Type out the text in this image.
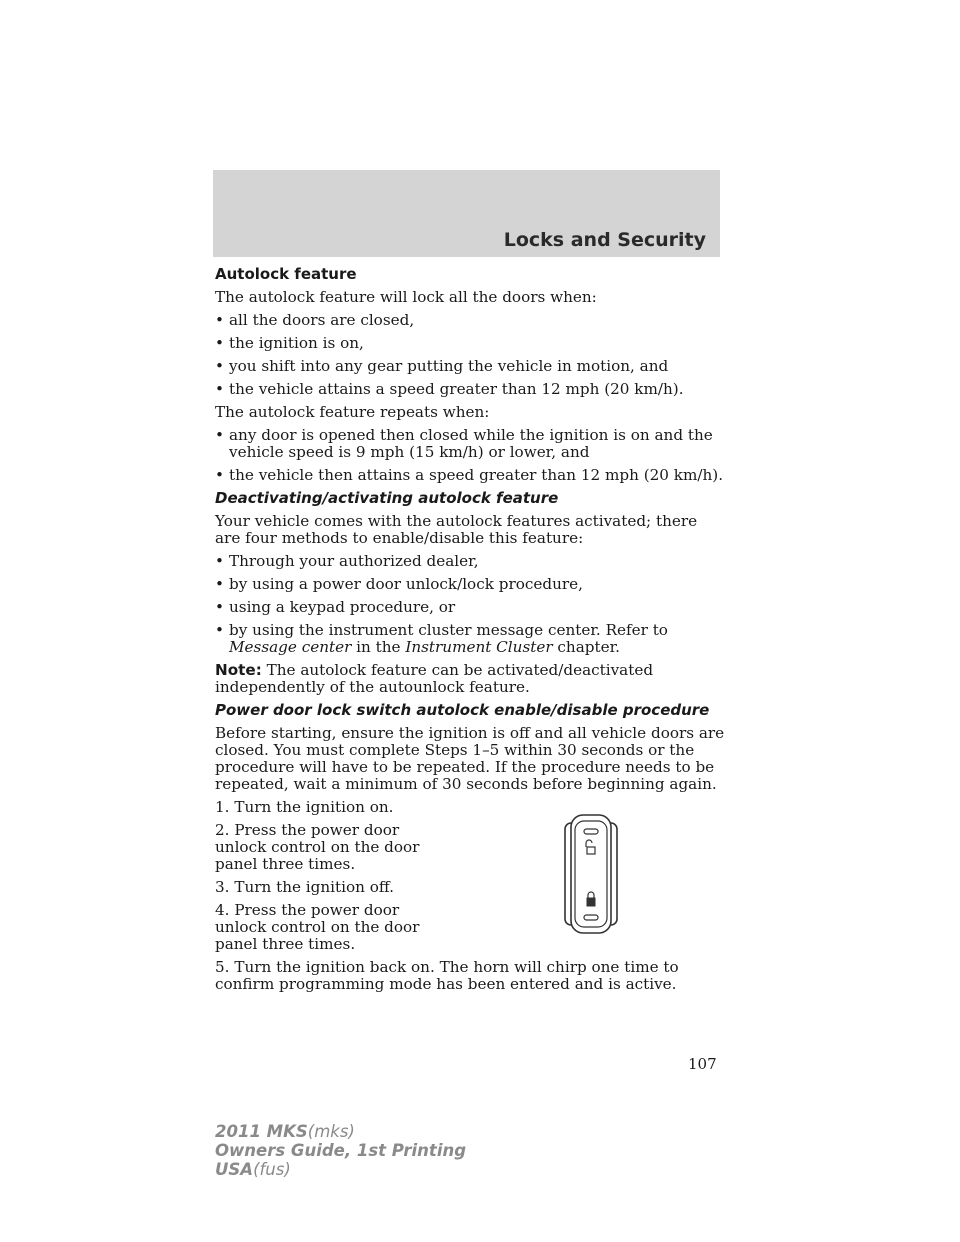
Locks and Security
Autolock feature

The autolock feature will lock all the doors when:

• all the doors are closed,
• the ignition is on,
• you shift into any gear putting the vehicle in motion, and
• the vehicle attains a speed greater than 12 mph (20 km/h).

The autolock feature repeats when:

• any door is opened then closed while the ignition is on and the vehicle speed is 9 mph (15 km/h) or lower, and
• the vehicle then attains a speed greater than 12 mph (20 km/h).
Deactivating/activating autolock feature

Your vehicle comes with the autolock features activated; there are four methods to enable/disable this feature:

• Through your authorized dealer,
• by using a power door unlock/lock procedure,
• using a keypad procedure, or
• by using the instrument cluster message center. Refer to Message center in the Instrument Cluster chapter.

Note: The autolock feature can be activated/deactivated independently of the autounlock feature.

Power door lock switch autolock enable/disable procedure

Before starting, ensure the ignition is off and all vehicle doors are closed. You must complete Steps 1–5 within 30 seconds or the procedure will have to be repeated. If the procedure needs to be repeated, wait a minimum of 30 seconds before beginning again.

1. Turn the ignition on.

2. Press the power door unlock control on the door panel three times.

3. Turn the ignition off.

4. Press the power door unlock control on the door panel three times.

5. Turn the ignition back on. The horn will chirp one time to confirm programming mode has been entered and is active.

107
2011 MKS(mks)
Owners Guide, 1st Printing
USA(fus)
